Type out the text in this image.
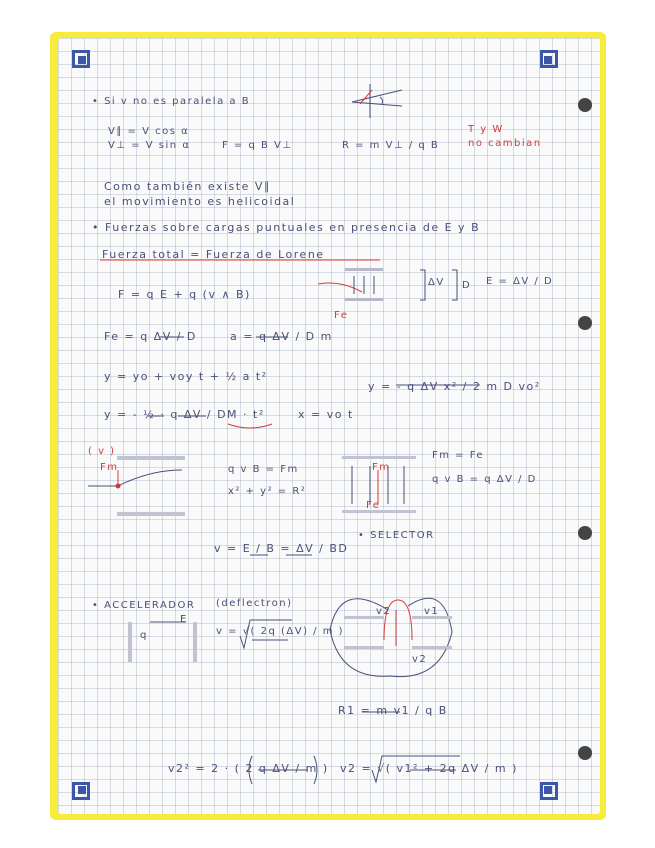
• Si v no es paralela a B
V∥ = V cos α
V⊥ = V sin α	F = q B V⊥	R = m V⊥ / q B
T y W
no cambian
Como también existe V∥
el movimiento es helicoidal
• Fuerzas sobre cargas puntuales en presencia de E y B
Fuerza total = Fuerza de Lorene
F = q E + q (v ∧ B)
ΔV D E = ΔV / D
Fe
Fe = q ΔV / D	a = q ΔV / D m
y = yo + voy t + ½ a t²
y = - q ΔV x² / 2 m D vo²
y = - ½ · q ΔV / DM · t²	x = vo t
( v )
Fm	q v B = Fm
x² + y² = R²
Fm = Fe
q v B = q ΔV / D
Fm
Fe
• SELECTOR
v = E / B = ΔV / BD
• ACCELERADOR (deflectron)
E
q	v = √( 2q (ΔV) / m )
v2	v1
v2
R1 = m v1 / q B
v2² = 2 · ( 2 q ΔV / m ) v2 = √( v1² + 2q ΔV / m )
